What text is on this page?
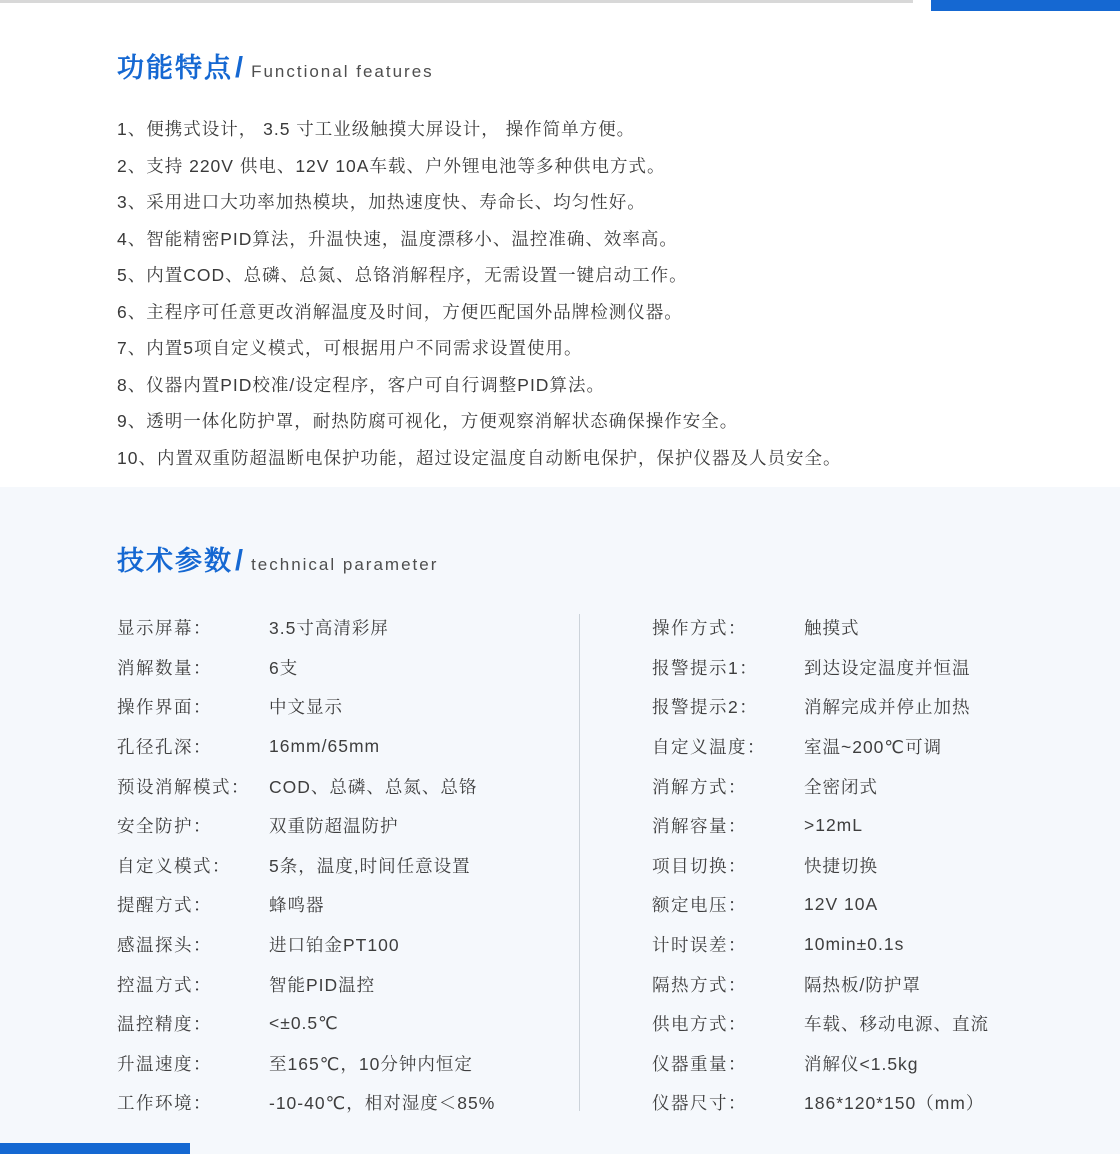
功能特点 / Functional features
1、便携式设计， 3.5 寸工业级触摸大屏设计， 操作简单方便。
2、支持 220V 供电、12V 10A车载、户外锂电池等多种供电方式。
3、采用进口大功率加热模块，加热速度快、寿命长、均匀性好。
4、智能精密PID算法，升温快速，温度漂移小、温控准确、效率高。
5、内置COD、总磷、总氮、总铬消解程序，无需设置一键启动工作。
6、主程序可任意更改消解温度及时间，方便匹配国外品牌检测仪器。
7、内置5项自定义模式，可根据用户不同需求设置使用。
8、仪器内置PID校准/设定程序，客户可自行调整PID算法。
9、透明一体化防护罩，耐热防腐可视化，方便观察消解状态确保操作安全。
10、内置双重防超温断电保护功能，超过设定温度自动断电保护，保护仪器及人员安全。
技术参数 / technical parameter
显示屏幕：	3.5寸高清彩屏
消解数量：	6支
操作界面：	中文显示
孔径孔深：	16mm/65mm
预设消解模式：	COD、总磷、总氮、总铬
安全防护：	双重防超温防护
自定义模式：	5条，温度,时间任意设置
提醒方式：	蜂鸣器
感温探头：	进口铂金PT100
控温方式：	智能PID温控
温控精度：	<±0.5℃
升温速度：	至165℃，10分钟内恒定
工作环境：	-10-40℃，相对湿度＜85%
操作方式：	触摸式
报警提示1：	到达设定温度并恒温
报警提示2：	消解完成并停止加热
自定义温度：	室温~200℃可调
消解方式：	全密闭式
消解容量：	>12mL
项目切换：	快捷切换
额定电压：	12V 10A
计时误差：	10min±0.1s
隔热方式：	隔热板/防护罩
供电方式：	车载、移动电源、直流
仪器重量：	消解仪<1.5kg
仪器尺寸：	186*120*150（mm）
